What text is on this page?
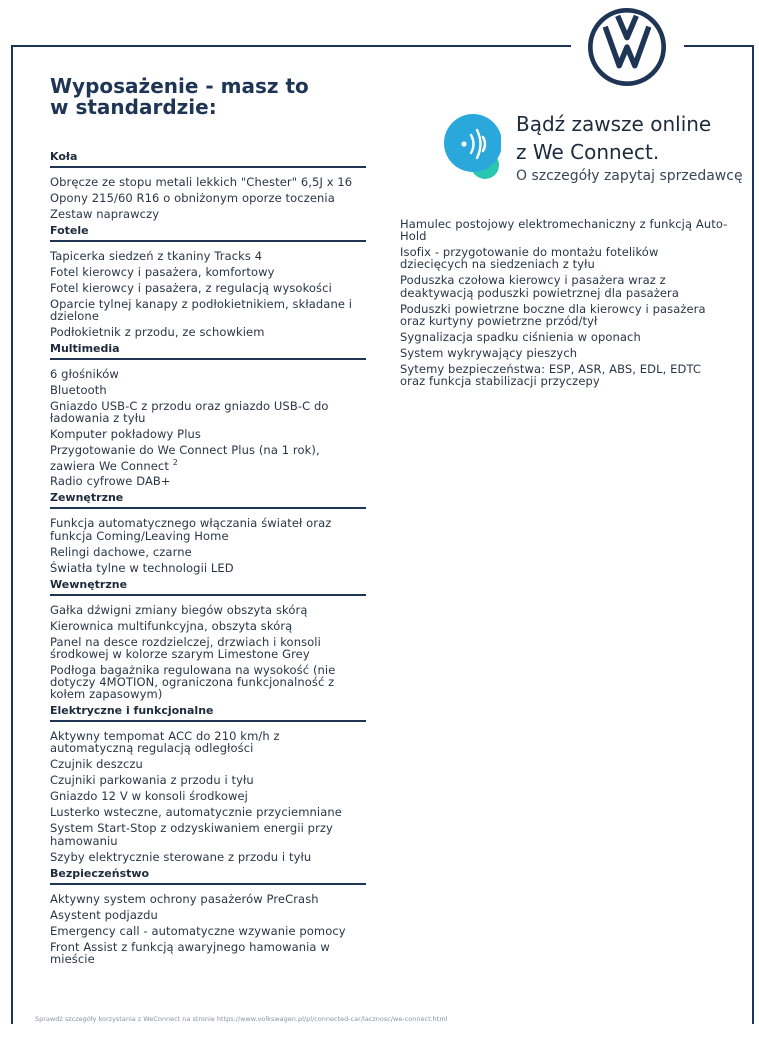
Wyposażenie - masz to
w standardzie:
Bądź zawsze online
z We Connect.
O szczegóły zapytaj sprzedawcę
Koła
Obręcze ze stopu metali lekkich "Chester" 6,5J x 16
Opony 215/60 R16 o obniżonym oporze toczenia
Zestaw naprawczy
Fotele
Tapicerka siedzeń z tkaniny Tracks 4
Fotel kierowcy i pasażera, komfortowy
Fotel kierowcy i pasażera, z regulacją wysokości
Oparcie tylnej kanapy z podłokietnikiem, składane i dzielone
Podłokietnik z przodu, ze schowkiem
Multimedia
6 głośników
Bluetooth
Gniazdo USB-C z przodu oraz gniazdo USB-C do ładowania z tyłu
Komputer pokładowy Plus
Przygotowanie do We Connect Plus (na 1 rok), zawiera We Connect $^2$
Radio cyfrowe DAB+
Zewnętrzne
Funkcja automatycznego włączania świateł oraz funkcja Coming/Leaving Home
Relingi dachowe, czarne
Światła tylne w technologii LED
Wewnętrzne
Gałka dźwigni zmiany biegów obszyta skórą
Kierownica multifunkcyjna, obszyta skórą
Panel na desce rozdzielczej, drzwiach i konsoli środkowej w kolorze szarym Limestone Grey
Podłoga bagażnika regulowana na wysokość (nie dotyczy 4MOTION, ograniczona funkcjonalność z kołem zapasowym)
Elektryczne i funkcjonalne
Aktywny tempomat ACC do 210 km/h z automatyczną regulacją odległości
Czujnik deszczu
Czujniki parkowania z przodu i tyłu
Gniazdo 12 V w konsoli środkowej
Lusterko wsteczne, automatycznie przyciemniane
System Start-Stop z odzyskiwaniem energii przy hamowaniu
Szyby elektrycznie sterowane z przodu i tyłu
Bezpieczeństwo
Aktywny system ochrony pasażerów PreCrash
Asystent podjazdu
Emergency call - automatyczne wzywanie pomocy
Front Assist z funkcją awaryjnego hamowania w mieście
Hamulec postojowy elektromechaniczny z funkcją Auto-Hold
Isofix - przygotowanie do montażu fotelików dziecięcych na siedzeniach z tyłu
Poduszka czołowa kierowcy i pasażera wraz z deaktywacją poduszki powietrznej dla pasażera
Poduszki powietrzne boczne dla kierowcy i pasażera oraz kurtyny powietrzne przód/tył
Sygnalizacja spadku ciśnienia w oponach
System wykrywający pieszych
Sytemy bezpieczeństwa: ESP, ASR, ABS, EDL, EDTC oraz funkcja stabilizacji przyczepy
Sprawdź szczegóły korzystania z WeConnect na stronie https://www.volkswagen.pl/pl/connected-car/lacznosc/we-connect.html
